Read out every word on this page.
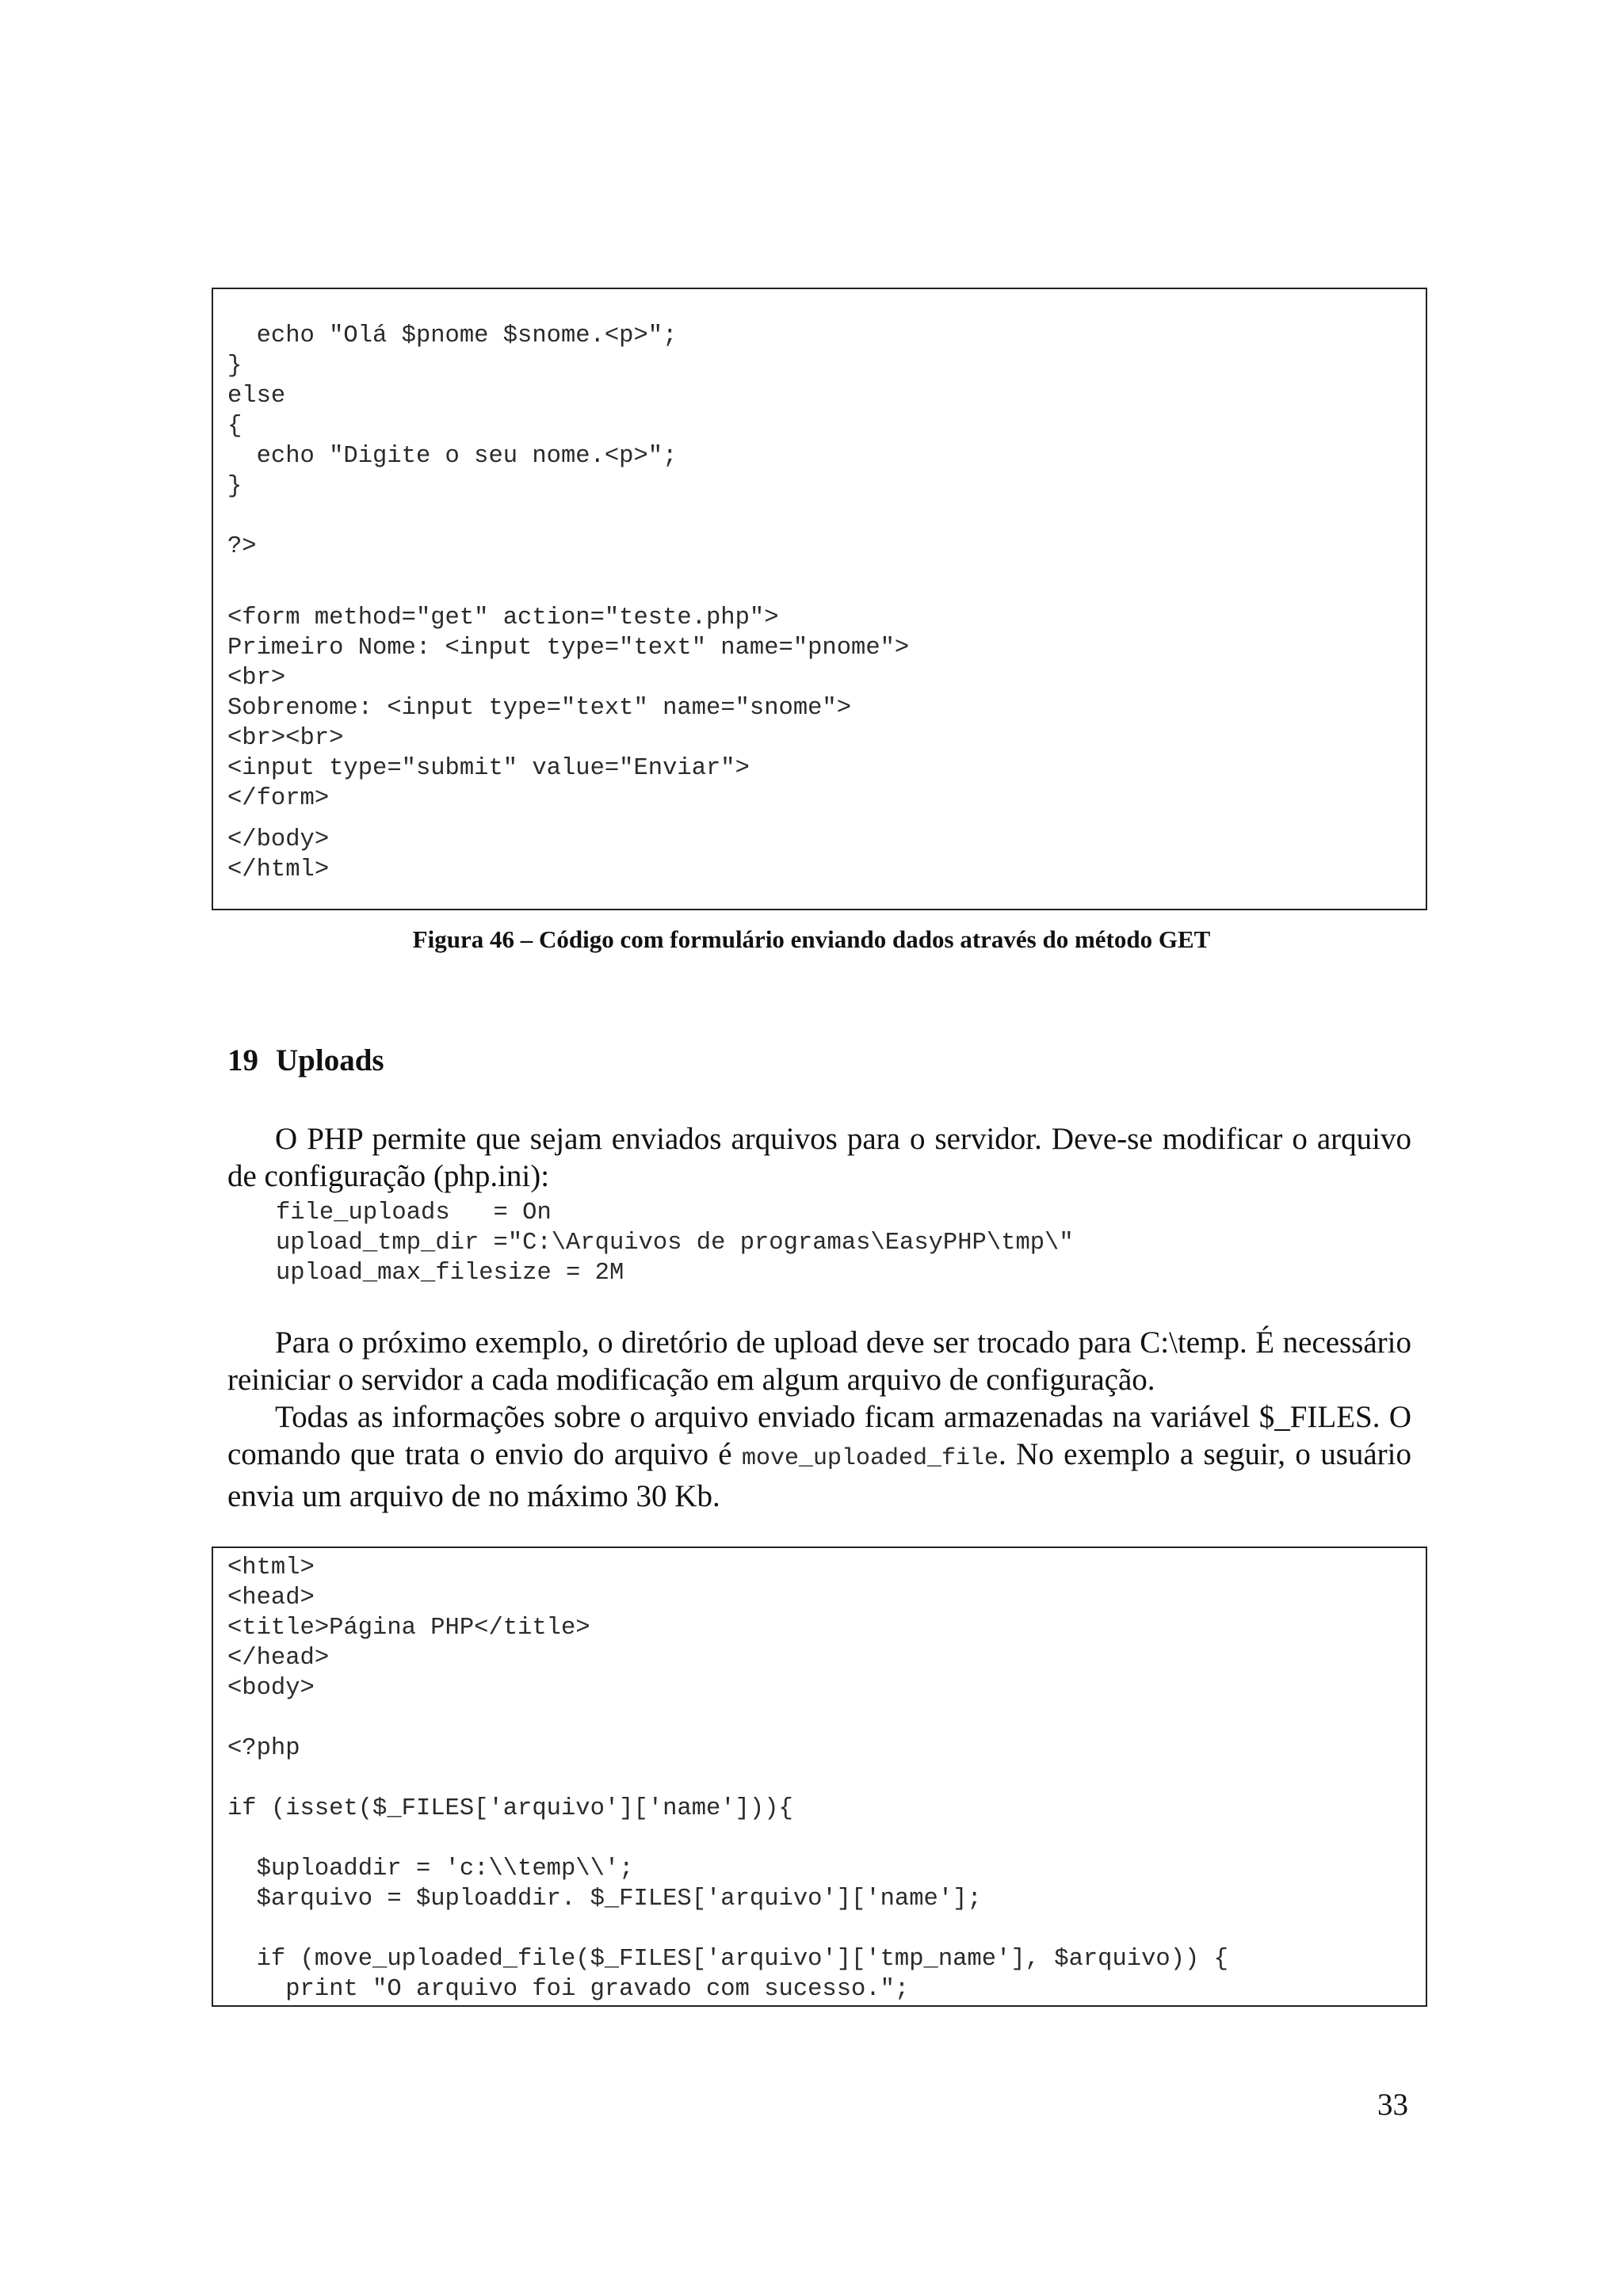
echo "Olá $pnome $snome.<p>";
}
else
{
echo "Digite o seu nome.<p>";
}

?>
<form method="get" action="teste.php">
Primeiro Nome: <input type="text" name="pnome">
<br>
Sobrenome: <input type="text" name="snome">
<br><br>
<input type="submit" value="Enviar">
</form>
</body>
</html>
Figura 46 – Código com formulário enviando dados através do método GET
19 Uploads
O PHP permite que sejam enviados arquivos para o servidor. Deve-se modificar o arquivo de configuração (php.ini):
file_uploads   = On
upload_tmp_dir ="C:\Arquivos de programas\EasyPHP\tmp\"
upload_max_filesize = 2M
Para o próximo exemplo, o diretório de upload deve ser trocado para C:\temp. É necessário reiniciar o servidor a cada modificação em algum arquivo de configuração.
Todas as informações sobre o arquivo enviado ficam armazenadas na variável $_FILES. O comando que trata o envio do arquivo é move_uploaded_file. No exemplo a seguir, o usuário envia um arquivo de no máximo 30 Kb.
<html>
<head>
<title>Página PHP</title>
</head>
<body>

<?php

if (isset($_FILES['arquivo']['name'])){

$uploaddir = 'c:\\temp\\';
$arquivo = $uploaddir. $_FILES['arquivo']['name'];

if (move_uploaded_file($_FILES['arquivo']['tmp_name'], $arquivo)) {
print "O arquivo foi gravado com sucesso.";
33
